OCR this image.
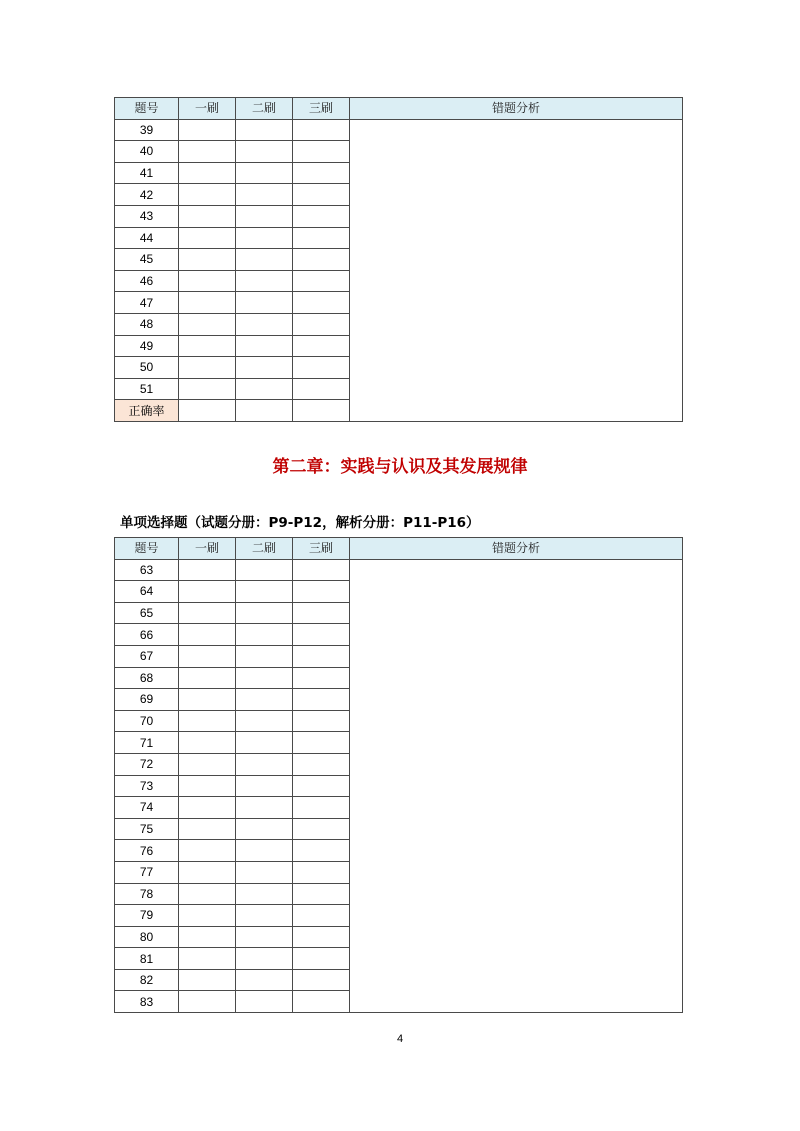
题号	一刷	二刷	三刷	错题分析
39				
40				
41				
42				
43				
44				
45				
46				
47				
48				
49				
50				
51				
正确率				
第二章：实践与认识及其发展规律
单项选择题（试题分册：P9-P12，解析分册：P11-P16）
题号	一刷	二刷	三刷	错题分析
63				
64				
65				
66				
67				
68				
69				
70				
71				
72				
73				
74				
75				
76				
77				
78				
79				
80				
81				
82				
83				
4
